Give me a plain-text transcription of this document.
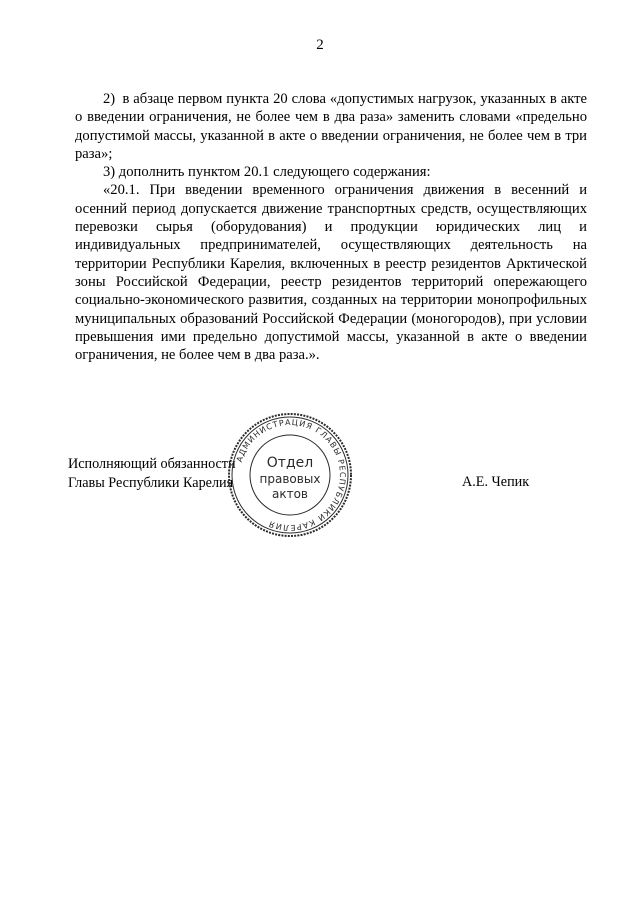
2

2) в абзаце первом пункта 20 слова «допустимых нагрузок, указанных в акте о введении ограничения, не более чем в два раза» заменить словами «предельно допустимой массы, указанной в акте о введении ограничения, не более чем в три раза»;

3) дополнить пунктом 20.1 следующего содержания:

«20.1. При введении временного ограничения движения в весенний и осенний период допускается движение транспортных средств, осуществляющих перевозки сырья (оборудования) и продукции юридических лиц и индивидуальных предпринимателей, осуществляющих деятельность на территории Республики Карелия, включенных в реестр резидентов Арктической зоны Российской Федерации, реестр резидентов территорий опережающего социально-экономического развития, созданных на территории монопрофильных муниципальных образований Российской Федерации (моногородов), при условии превышения ими предельно допустимой массы, указанной в акте о введении ограничения, не более чем в два раза.».

Исполняющий обязанности
Главы Республики Карелия	А.Е. Чепик
АДМИНИСТРАЦИЯ ГЛАВЫ РЕСПУБЛИКИ КАРЕЛИЯ
Отдел
правовых
актов
